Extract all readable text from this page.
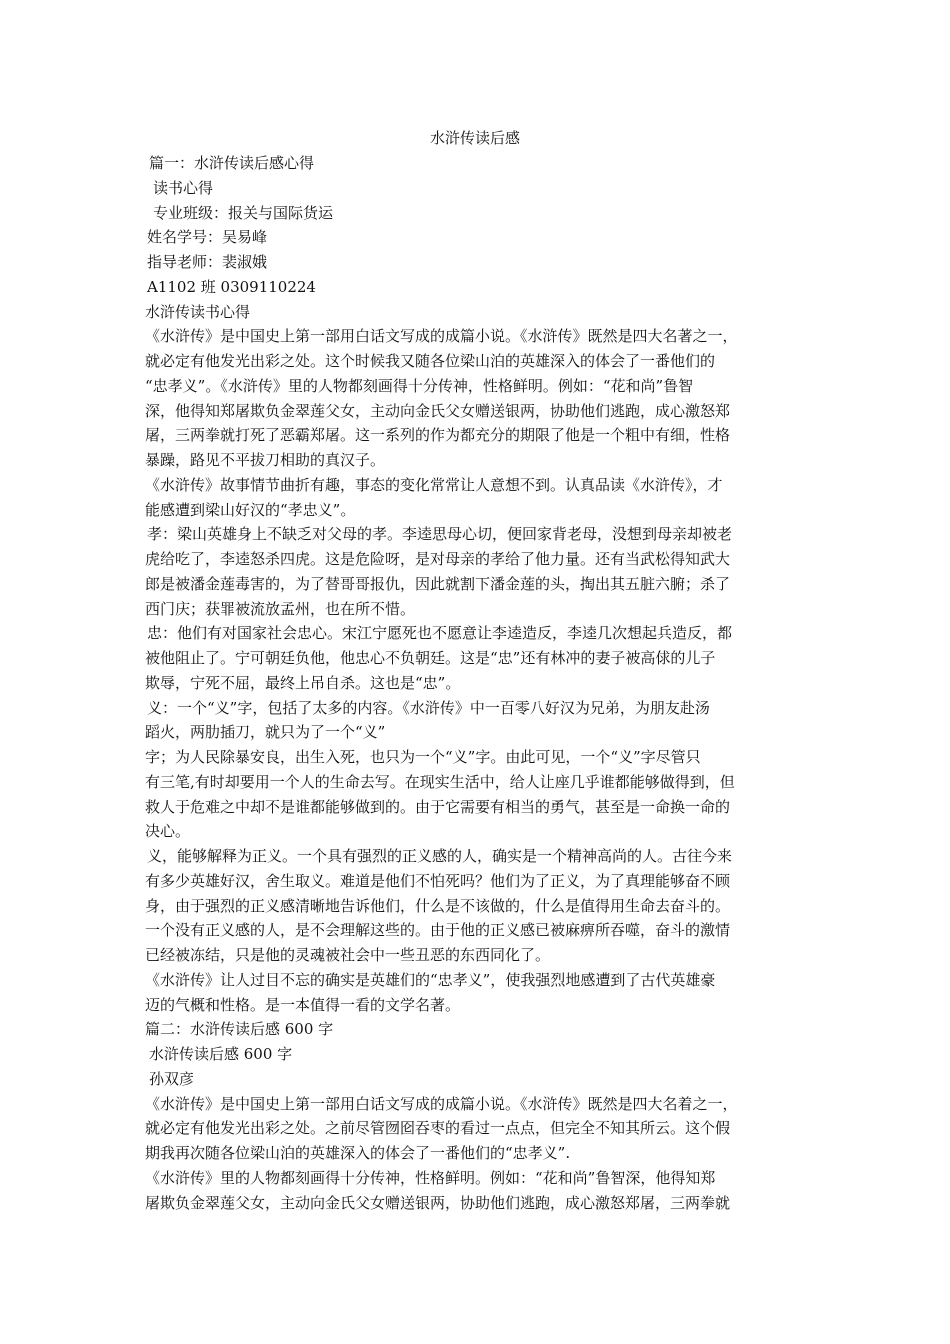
水浒传读后感
篇一：水浒传读后感心得
读书心得
专业班级：报关与国际货运
姓名学号：吴易峰
指导老师：裴淑娥
A1102 班 0309110224
水浒传读书心得
《水浒传》是中国史上第一部用白话文写成的成篇小说。《水浒传》既然是四大名著之一，
就必定有他发光出彩之处。这个时候我又随各位梁山泊的英雄深入的体会了一番他们的
“忠孝义”。《水浒传》里的人物都刻画得十分传神，性格鲜明。例如：“花和尚”鲁智
深，他得知郑屠欺负金翠莲父女，主动向金氏父女赠送银两，协助他们逃跑，成心激怒郑
屠，三两拳就打死了恶霸郑屠。这一系列的作为都充分的期限了他是一个粗中有细，性格
暴躁，路见不平拔刀相助的真汉子。
《水浒传》故事情节曲折有趣，事态的变化常常让人意想不到。认真品读《水浒传》，才
能感遭到梁山好汉的“孝忠义”。
孝：梁山英雄身上不缺乏对父母的孝。李逵思母心切，便回家背老母，没想到母亲却被老
虎给吃了，李逵怒杀四虎。这是危险呀，是对母亲的孝给了他力量。还有当武松得知武大
郎是被潘金莲毒害的，为了替哥哥报仇，因此就割下潘金莲的头，掏出其五脏六腑；杀了
西门庆；获罪被流放孟州，也在所不惜。
忠：他们有对国家社会忠心。宋江宁愿死也不愿意让李逵造反，李逵几次想起兵造反，都
被他阻止了。宁可朝廷负他，他忠心不负朝廷。这是“忠”还有林冲的妻子被高俅的儿子
欺辱，宁死不屈，最终上吊自杀。这也是“忠”。
义：一个“义”字，包括了太多的内容。《水浒传》中一百零八好汉为兄弟，为朋友赴汤
蹈火，两肋插刀，就只为了一个“义”
字；为人民除暴安良，出生入死，也只为一个“义”字。由此可见，一个“义”字尽管只
有三笔,有时却要用一个人的生命去写。在现实生活中，给人让座几乎谁都能够做得到，但
救人于危难之中却不是谁都能够做到的。由于它需要有相当的勇气，甚至是一命换一命的
决心。
义，能够解释为正义。一个具有强烈的正义感的人，确实是一个精神高尚的人。古往今来
有多少英雄好汉，舍生取义。难道是他们不怕死吗？他们为了正义，为了真理能够奋不顾
身，由于强烈的正义感清晰地告诉他们，什么是不该做的，什么是值得用生命去奋斗的。
一个没有正义感的人，是不会理解这些的。由于他的正义感已被麻痹所吞噬，奋斗的激情
已经被冻结，只是他的灵魂被社会中一些丑恶的东西同化了。
《水浒传》让人过目不忘的确实是英雄们的“忠孝义”，使我强烈地感遭到了古代英雄豪
迈的气概和性格。是一本值得一看的文学名著。
篇二：水浒传读后感 600 字
水浒传读后感 600 字
孙双彦
《水浒传》是中国史上第一部用白话文写成的成篇小说。《水浒传》既然是四大名着之一，
就必定有他发光出彩之处。之前尽管囫囵吞枣的看过一点点，但完全不知其所云。这个假
期我再次随各位梁山泊的英雄深入的体会了一番他们的“忠孝义”.
《水浒传》里的人物都刻画得十分传神，性格鲜明。例如：“花和尚”鲁智深，他得知郑
屠欺负金翠莲父女，主动向金氏父女赠送银两，协助他们逃跑，成心激怒郑屠，三两拳就
